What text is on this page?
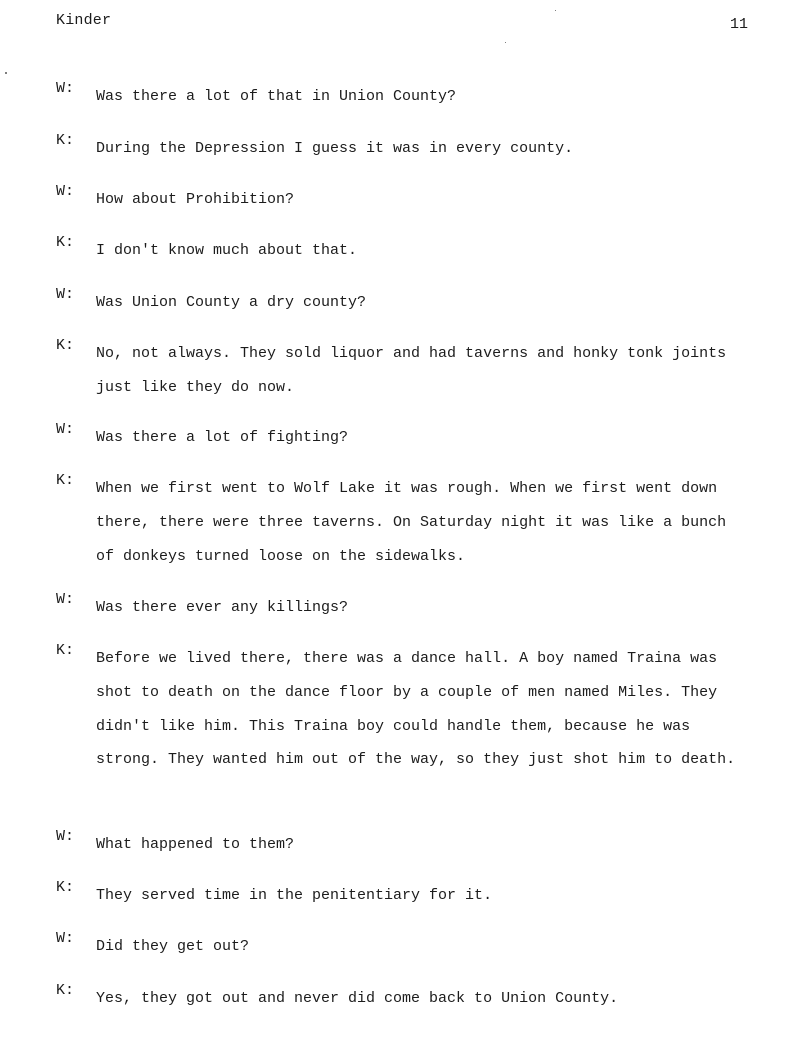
Kinder	11
W:	Was there a lot of that in Union County?
K:	During the Depression I guess it was in every county.
W:	How about Prohibition?
K:	I don't know much about that.
W:	Was Union County a dry county?
K:	No, not always. They sold liquor and had taverns and honky tonk joints just like they do now.
W:	Was there a lot of fighting?
K:	When we first went to Wolf Lake it was rough. When we first went down there, there were three taverns. On Saturday night it was like a bunch of donkeys turned loose on the sidewalks.
W:	Was there ever any killings?
K:	Before we lived there, there was a dance hall. A boy named Traina was shot to death on the dance floor by a couple of men named Miles. They didn't like him. This Traina boy could handle them, because he was strong. They wanted him out of the way, so they just shot him to death.
W:	What happened to them?
K:	They served time in the penitentiary for it.
W:	Did they get out?
K:	Yes, they got out and never did come back to Union County.
